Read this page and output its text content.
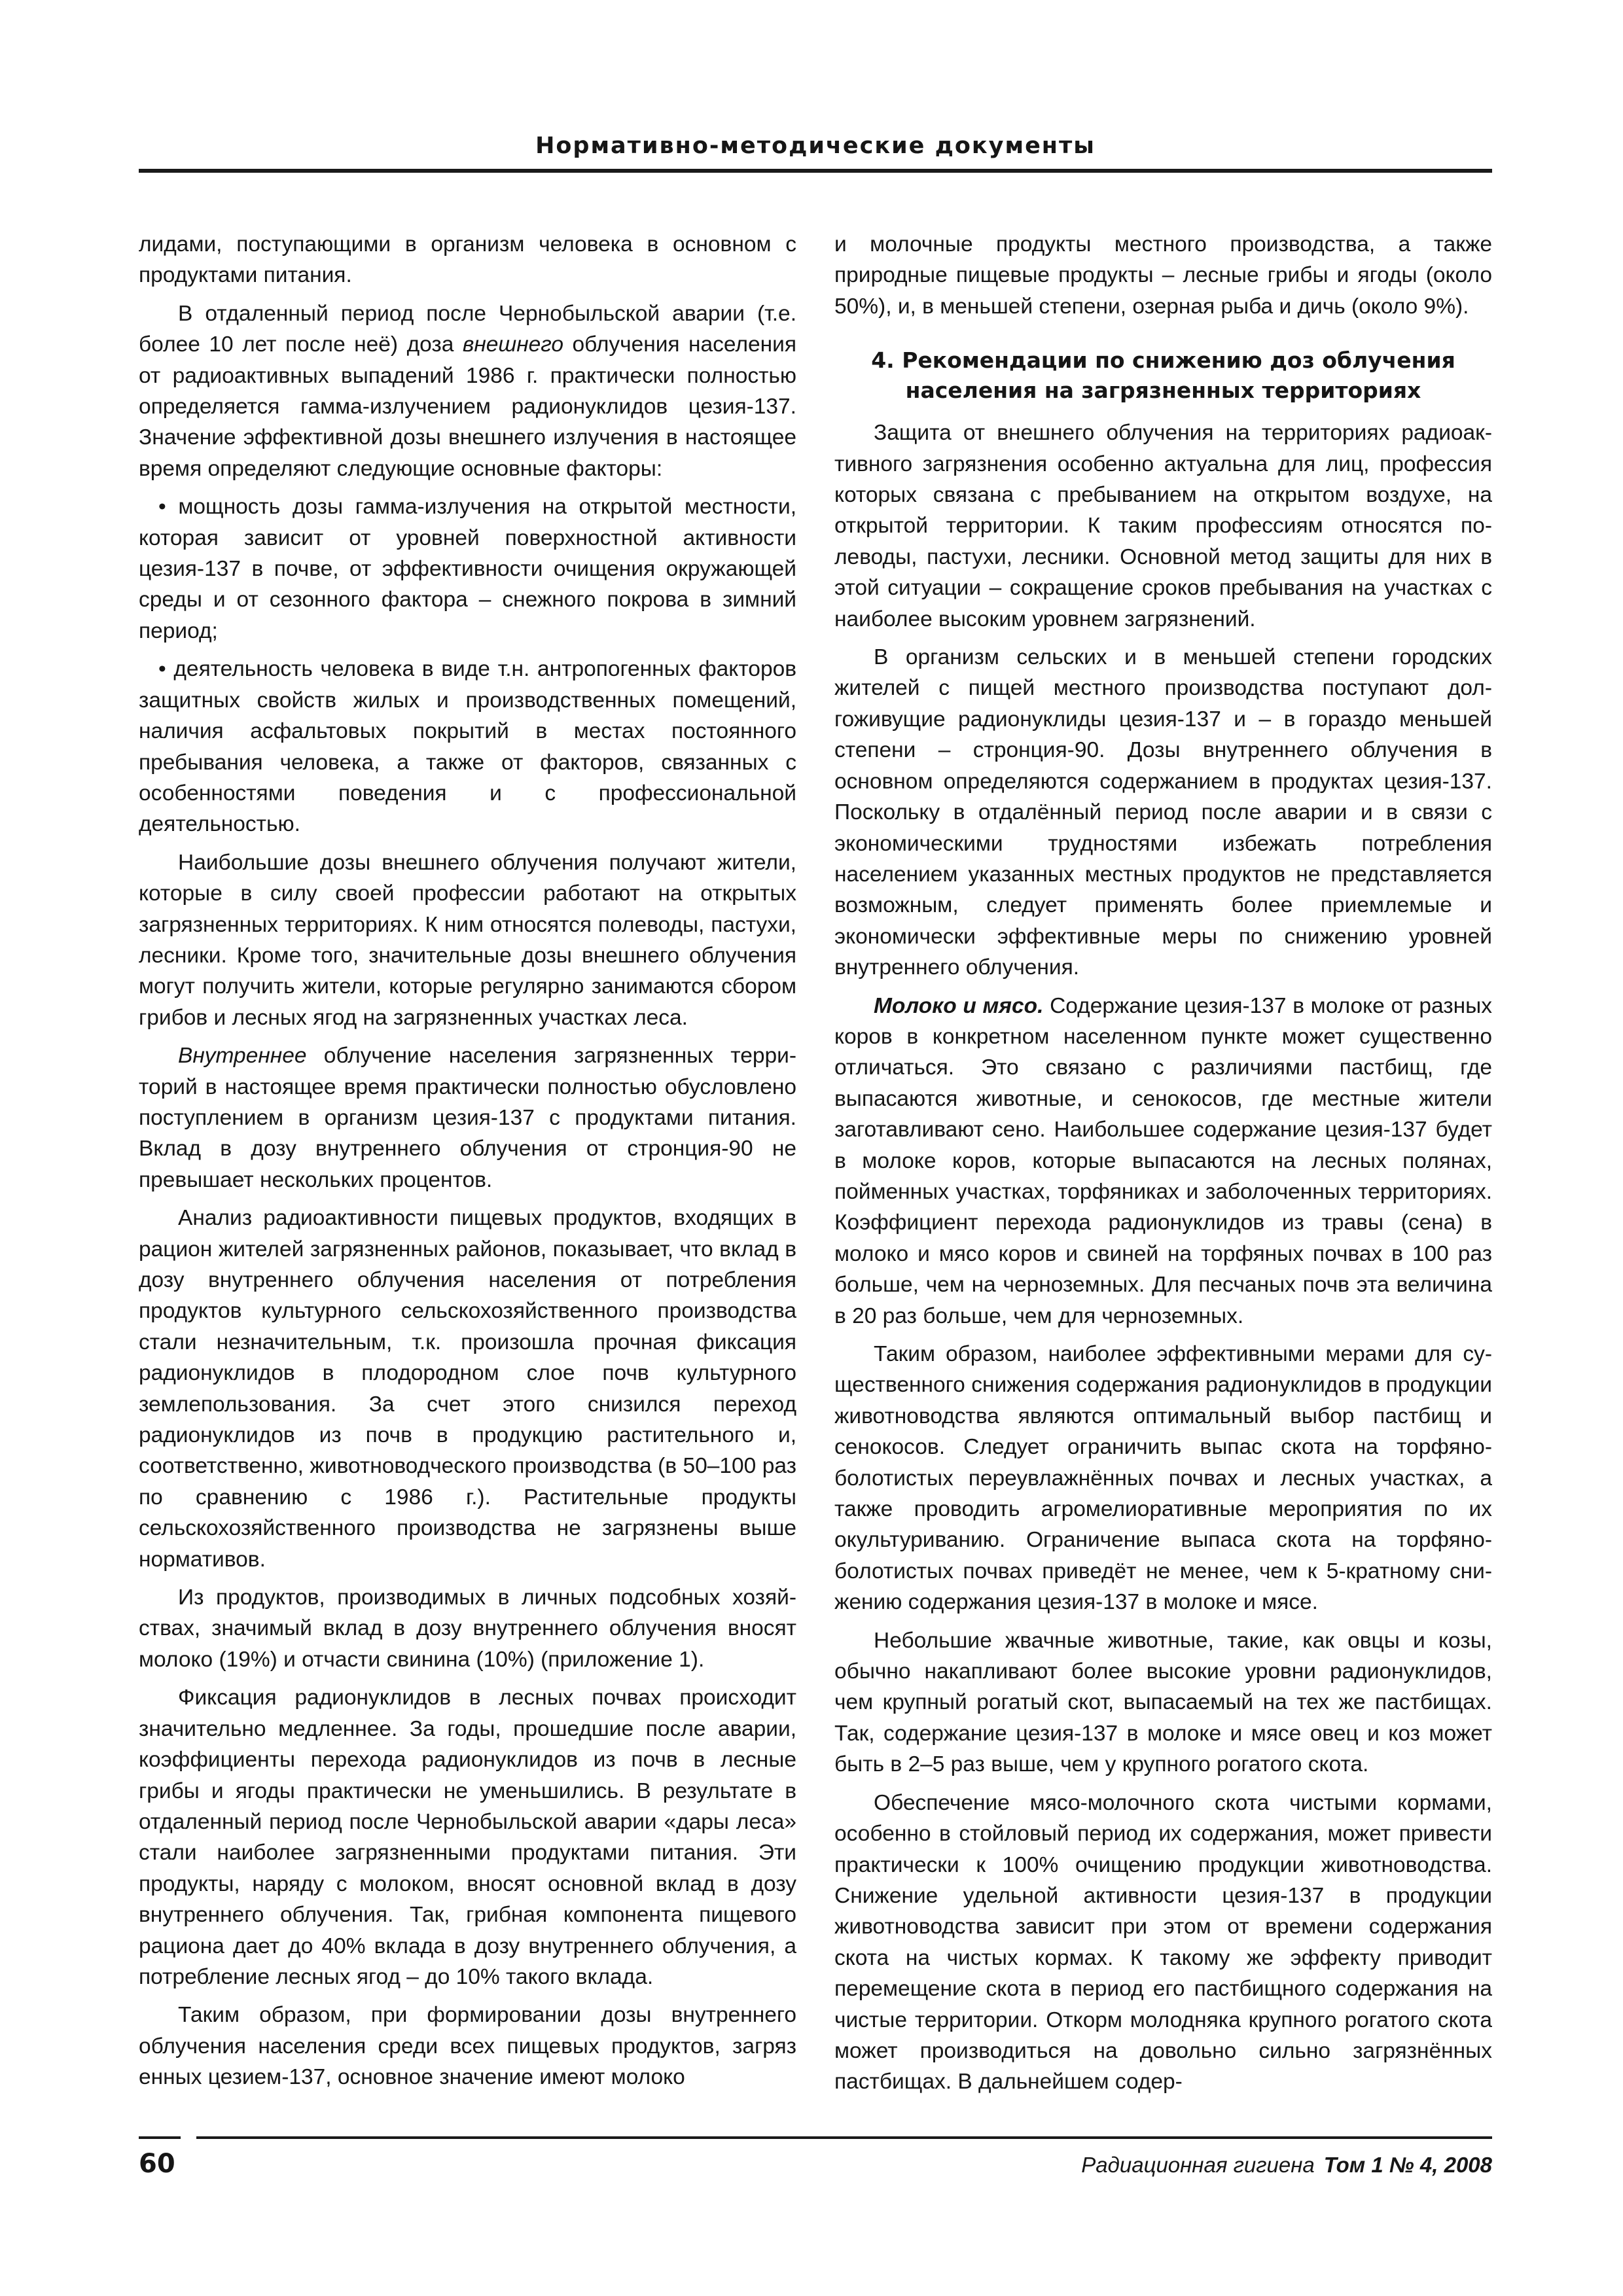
Нормативно-методические документы

лидами, поступающими в организм человека в основном с продуктами питания.

В отдаленный период после Чернобыльской аварии (т.е. более 10 лет после неё) доза внешнего облучения населения от радиоактивных выпадений 1986 г. практически полностью определяется гамма-излучением радионуклидов цезия-137. Значение эффективной дозы внешнего излучения в настоящее время определяют следующие основные факторы:

• мощность дозы гамма-излучения на открытой местности, которая зависит от уровней поверхностной активности цезия-137 в почве, от эффективности очищения окружающей среды и от сезонного фактора – снежного покрова в зимний период;

• деятельность человека в виде т.н. антропогенных факторов защитных свойств жилых и производственных помещений, наличия асфальтовых покрытий в местах постоянного пребывания человека, а также от факторов, связанных с особенностями поведения и с профессиональной деятельностью.

Наибольшие дозы внешнего облучения получают жители, которые в силу своей профессии работают на открытых загрязненных территориях. К ним относятся полеводы, пастухи, лесники. Кроме того, значительные дозы внешнего облучения могут получить жители, которые регулярно занимаются сбором грибов и лесных ягод на загрязненных участках леса.

Внутреннее облучение населения загрязненных территорий в настоящее время практически полностью обусловлено поступлением в организм цезия-137 с продуктами питания. Вклад в дозу внутреннего облучения от стронция-90 не превышает нескольких процентов.

Анализ радиоактивности пищевых продуктов, входящих в рацион жителей загрязненных районов, показывает, что вклад в дозу внутреннего облучения населения от потребления продуктов культурного сельскохозяйственного производства стали незначительным, т.к. произошла прочная фиксация радионуклидов в плодородном слое почв культурного землепользования. За счет этого снизился переход радионуклидов из почв в продукцию растительного и, соответственно, животноводческого производства (в 50–100 раз по сравнению с 1986 г.). Растительные продукты сельскохозяйственного производства не загрязнены выше нормативов.

Из продуктов, производимых в личных подсобных хозяйствах, значимый вклад в дозу внутреннего облучения вносят молоко (19%) и отчасти свинина (10%) (приложение 1).

Фиксация радионуклидов в лесных почвах происходит значительно медленнее. За годы, прошедшие после аварии, коэффициенты перехода радионуклидов из почв в лесные грибы и ягоды практически не уменьшились. В результате в отдаленный период после Чернобыльской аварии «дары леса» стали наиболее загрязненными продуктами питания. Эти продукты, наряду с молоком, вносят основной вклад в дозу внутреннего облучения. Так, грибная компонента пищевого рациона дает до 40% вклада в дозу внутреннего облучения, а потребление лесных ягод – до 10% такого вклада.

Таким образом, при формировании дозы внутреннего облучения населения среди всех пищевых продуктов, загряз енных цезием-137, основное значение имеют молоко

и молочные продукты местного производства, а также природные пищевые продукты – лесные грибы и ягоды (около 50%), и, в меньшей степени, озерная рыба и дичь (около 9%).

4. Рекомендации по снижению доз облучения
населения на загрязненных территориях

Защита от внешнего облучения на территориях радиоактивного загрязнения особенно актуальна для лиц, профессия которых связана с пребыванием на открытом воздухе, на открытой территории. К таким профессиям относятся полеводы, пастухи, лесники. Основной метод защиты для них в этой ситуации – сокращение сроков пребывания на участках с наиболее высоким уровнем загрязнений.

В организм сельских и в меньшей степени городских жителей с пищей местного производства поступают долгоживущие радионуклиды цезия-137 и – в гораздо меньшей степени – стронция-90. Дозы внутреннего облучения в основном определяются содержанием в продуктах цезия-137. Поскольку в отдалённый период после аварии и в связи с экономическими трудностями избежать потребления населением указанных местных продуктов не представляется возможным, следует применять более приемлемые и экономически эффективные меры по снижению уровней внутреннего облучения.

Молоко и мясо. Содержание цезия-137 в молоке от разных коров в конкретном населенном пункте может существенно отличаться. Это связано с различиями пастбищ, где выпасаются животные, и сенокосов, где местные жители заготавливают сено. Наибольшее содержание цезия-137 будет в молоке коров, которые выпасаются на лесных полянах, пойменных участках, торфяниках и заболоченных территориях. Коэффициент перехода радионуклидов из травы (сена) в молоко и мясо коров и свиней на торфяных почвах в 100 раз больше, чем на черноземных. Для песчаных почв эта величина в 20 раз больше, чем для черноземных.

Таким образом, наиболее эффективными мерами для существенного снижения содержания радионуклидов в продукции животноводства являются оптимальный выбор пастбищ и сенокосов. Следует ограничить выпас скота на торфяноболотистых переувлажнённых почвах и лесных участках, а также проводить агромелиоративные мероприятия по их окультуриванию. Ограничение выпаса скота на торфяноболотистых почвах приведёт не менее, чем к 5-кратному снижению содержания цезия-137 в молоке и мясе.

Небольшие жвачные животные, такие, как овцы и козы, обычно накапливают более высокие уровни радионуклидов, чем крупный рогатый скот, выпасаемый на тех же пастбищах. Так, содержание цезия-137 в молоке и мясе овец и коз может быть в 2–5 раз выше, чем у крупного рогатого скота.

Обеспечение мясо-молочного скота чистыми кормами, особенно в стойловый период их содержания, может привести практически к 100% очищению продукции животноводства. Снижение удельной активности цезия-137 в продукции животноводства зависит при этом от времени содержания скота на чистых кормах. К такому же эффекту приводит перемещение скота в период его пастбищного содержания на чистые территории. Откорм молодняка крупного рогатого скота может производиться на довольно сильно загрязнённых пастбищах. В дальнейшем содер-

60	Радиационная гигиена Том 1 № 4, 2008
